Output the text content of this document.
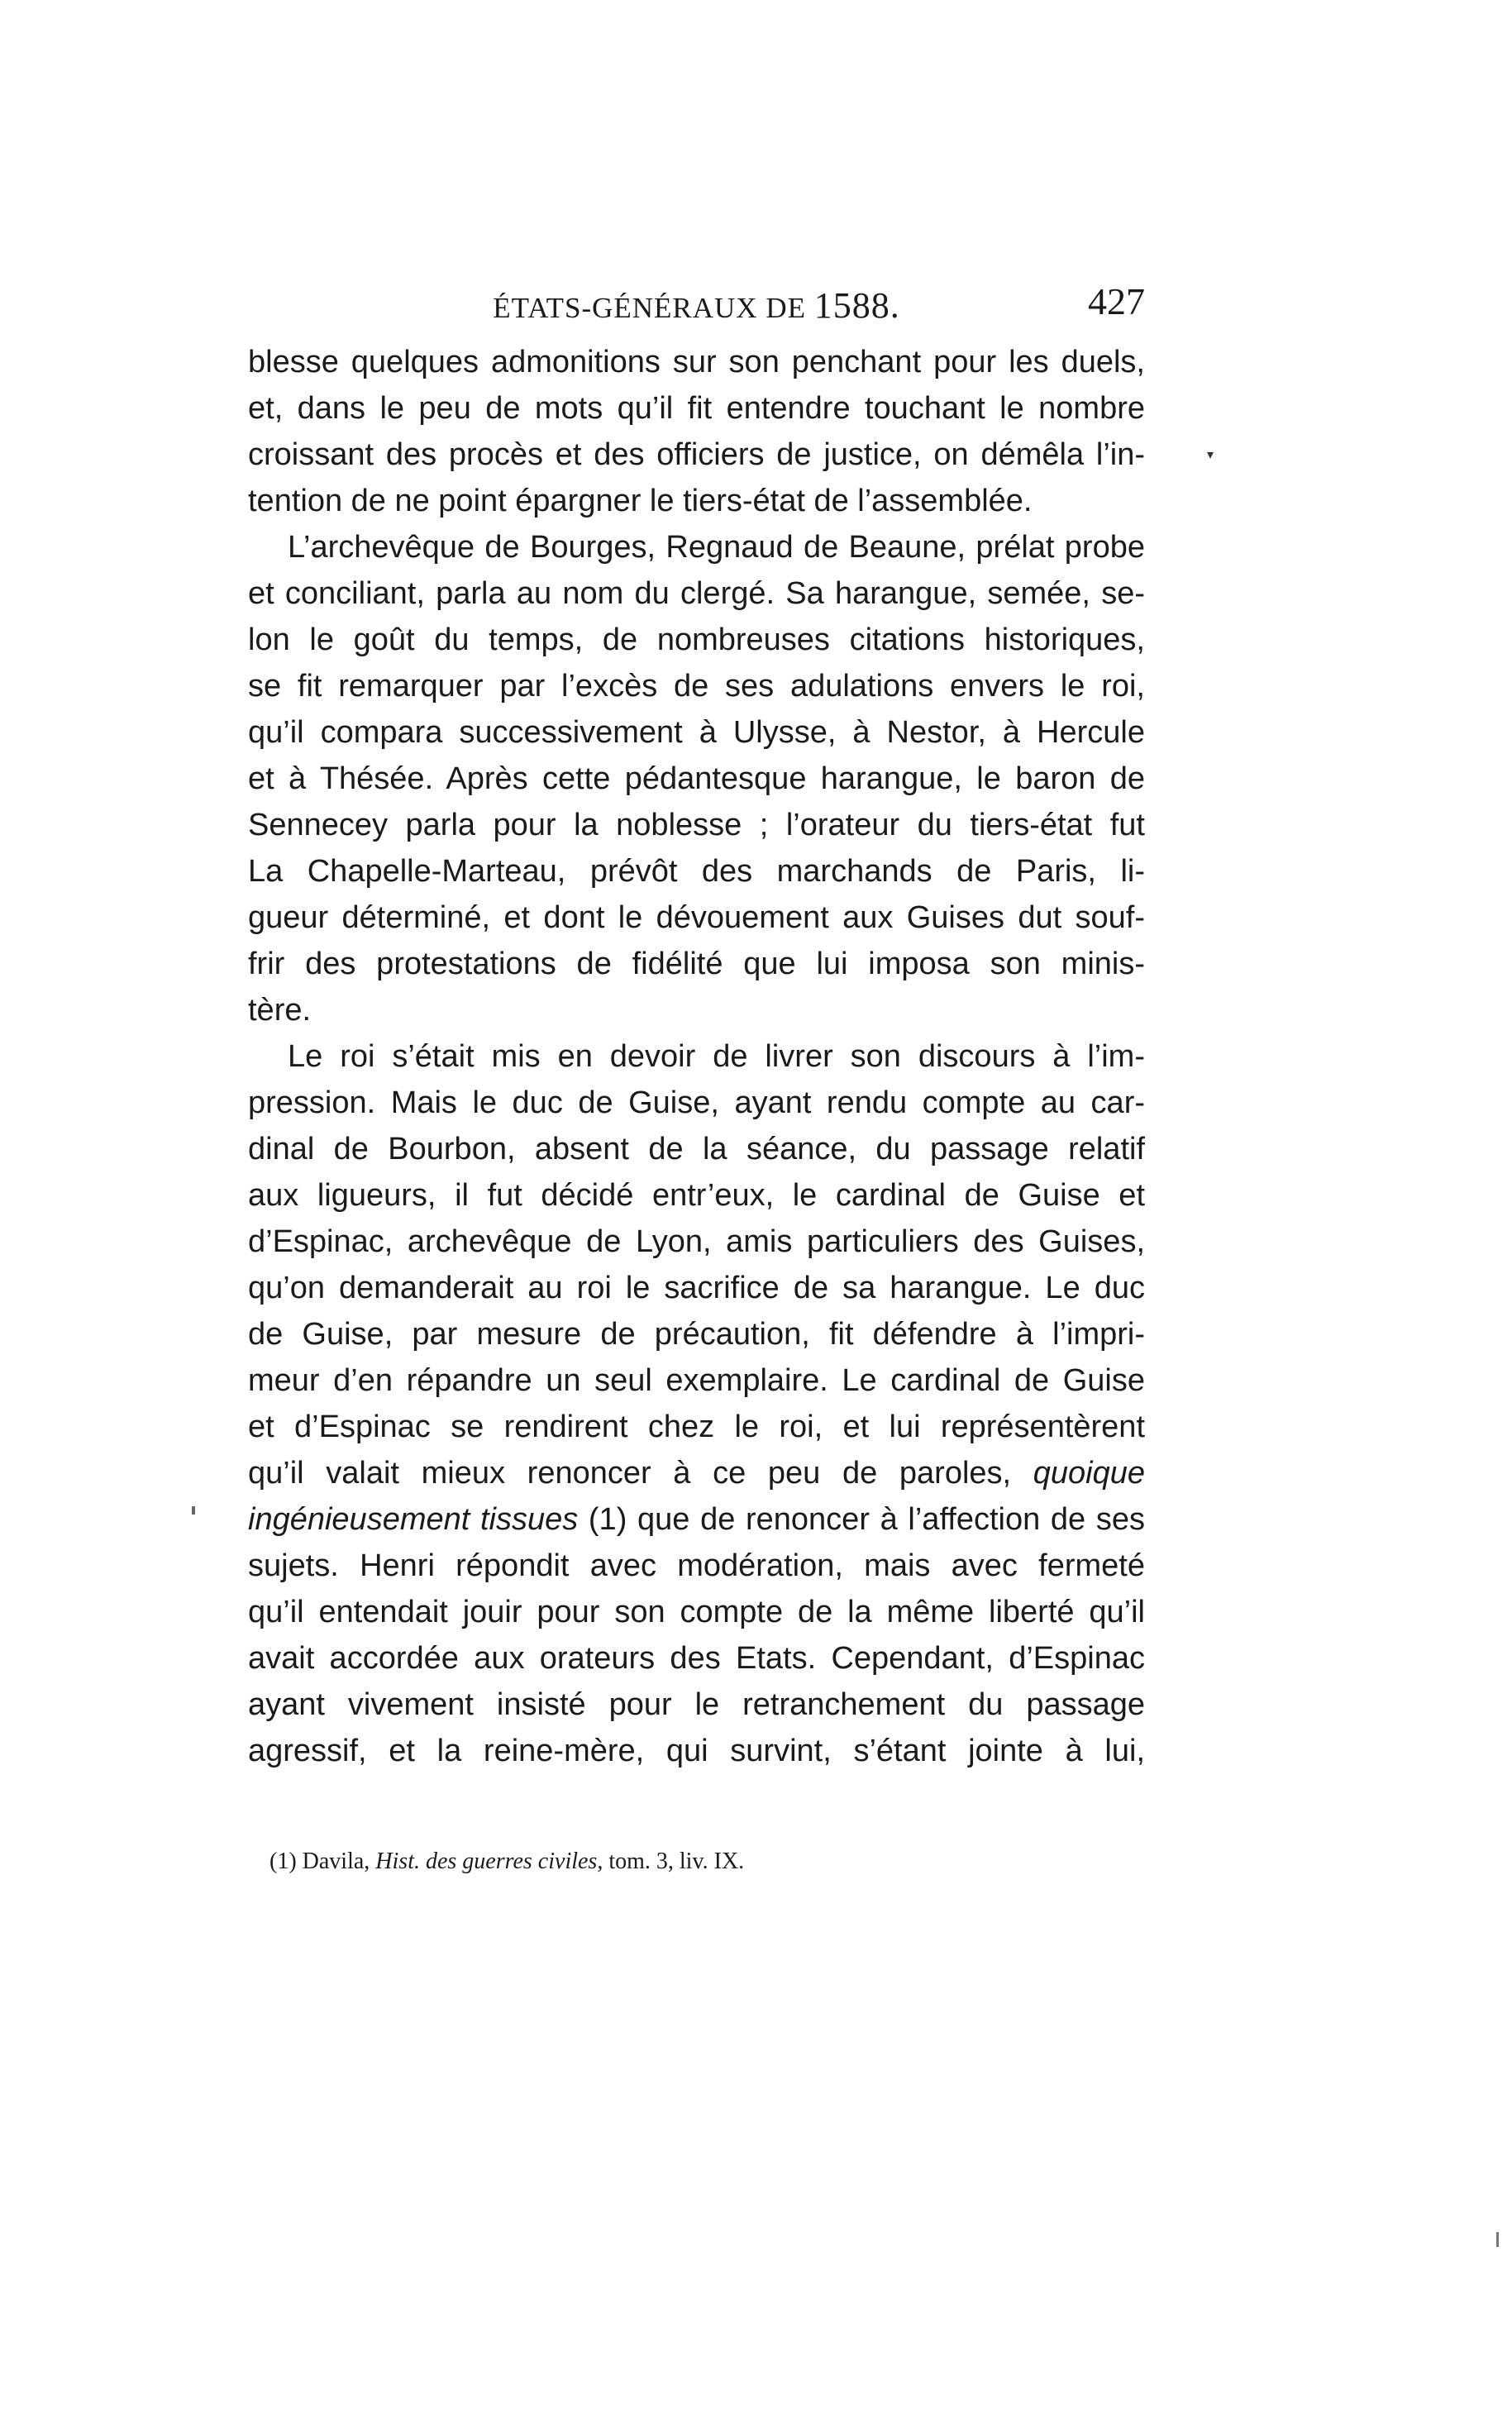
ÉTATS-GÉNÉRAUX DE 1588.	427
blesse quelques admonitions sur son penchant pour les duels,
et, dans le peu de mots qu’il fit entendre touchant le nombre
croissant des procès et des officiers de justice, on démêla l’in-
tention de ne point épargner le tiers-état de l’assemblée.
L’archevêque de Bourges, Regnaud de Beaune, prélat probe
et conciliant, parla au nom du clergé. Sa harangue, semée, se-
lon le goût du temps, de nombreuses citations historiques,
se fit remarquer par l’excès de ses adulations envers le roi,
qu’il compara successivement à Ulysse, à Nestor, à Hercule
et à Thésée. Après cette pédantesque harangue, le baron de
Sennecey parla pour la noblesse ; l’orateur du tiers-état fut
La Chapelle-Marteau, prévôt des marchands de Paris, li-
gueur déterminé, et dont le dévouement aux Guises dut souf-
frir des protestations de fidélité que lui imposa son minis-
tère.
Le roi s’était mis en devoir de livrer son discours à l’im-
pression. Mais le duc de Guise, ayant rendu compte au car-
dinal de Bourbon, absent de la séance, du passage relatif
aux ligueurs, il fut décidé entr’eux, le cardinal de Guise et
d’Espinac, archevêque de Lyon, amis particuliers des Guises,
qu’on demanderait au roi le sacrifice de sa harangue. Le duc
de Guise, par mesure de précaution, fit défendre à l’impri-
meur d’en répandre un seul exemplaire. Le cardinal de Guise
et d’Espinac se rendirent chez le roi, et lui représentèrent
qu’il valait mieux renoncer à ce peu de paroles, quoique
ingénieusement tissues (1) que de renoncer à l’affection de ses
sujets. Henri répondit avec modération, mais avec fermeté
qu’il entendait jouir pour son compte de la même liberté qu’il
avait accordée aux orateurs des Etats. Cependant, d’Espinac
ayant vivement insisté pour le retranchement du passage
agressif, et la reine-mère, qui survint, s’étant jointe à lui,
(1) Davila, Hist. des guerres civiles, tom. 3, liv. IX.
▾
